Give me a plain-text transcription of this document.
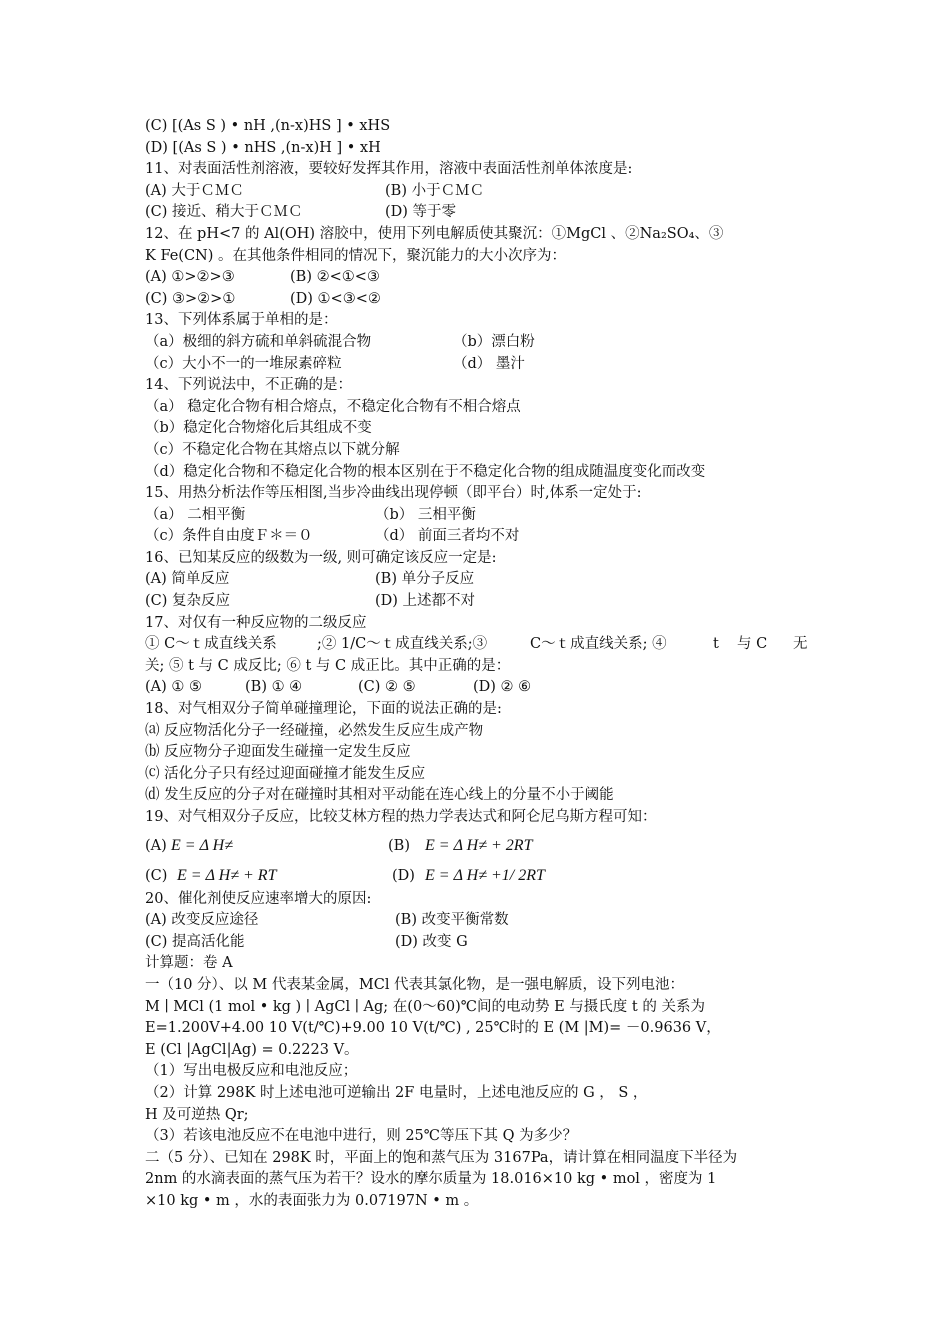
(C) [(As S ) • nH ,(n-x)HS ] • xHS
(D) [(As S ) • nHS ,(n-x)H ] • xH
11、对表面活性剂溶液，要较好发挥其作用，溶液中表面活性剂单体浓度是:
(A) 大于ＣＭＣ	(B) 小于ＣＭＣ
(C) 接近、稍大于ＣＭＣ	(D) 等于零
12、在 pH<7 的 Al(OH) 溶胶中，使用下列电解质使其聚沉：①MgCl 、②Na₂SO₄、③
K Fe(CN) 。在其他条件相同的情况下，聚沉能力的大小次序为：
(A) ①>②>③	(B) ②<①<③
(C) ③>②>①	(D) ①<③<②
13、下列体系属于单相的是：
（a）极细的斜方硫和单斜硫混合物	（b）漂白粉
（c）大小不一的一堆尿素碎粒	（d） 墨汁
14、下列说法中，不正确的是：
（a） 稳定化合物有相合熔点，不稳定化合物有不相合熔点
（b）稳定化合物熔化后其组成不变
（c）不稳定化合物在其熔点以下就分解
（d）稳定化合物和不稳定化合物的根本区别在于不稳定化合物的组成随温度变化而改变
15、用热分析法作等压相图,当步冷曲线出现停顿（即平台）时,体系一定处于:
（a） 二相平衡	（b） 三相平衡
（c）条件自由度Ｆ＊＝０	（d） 前面三者均不对
16、已知某反应的级数为一级, 则可确定该反应一定是:
(A) 简单反应	(B) 单分子反应
(C) 复杂反应	(D) 上述都不对
17、对仅有一种反应物的二级反应
① C～ｔ成直线关系	;② 1/C～ｔ成直线关系;③	C～ｔ成直线关系; ④	t 与 C 无
关; ⑤ t 与 C 成反比; ⑥ t 与 C 成正比。其中正确的是：
(A) ① ⑤	(B) ① ④	(C) ② ⑤	(D) ② ⑥
18、对气相双分子简单碰撞理论，下面的说法正确的是:
⒜ 反应物活化分子一经碰撞，必然发生反应生成产物
⒝ 反应物分子迎面发生碰撞一定发生反应
⒞ 活化分子只有经过迎面碰撞才能发生反应
⒟ 发生反应的分子对在碰撞时其相对平动能在连心线上的分量不小于阈能
19、对气相双分子反应，比较艾林方程的热力学表达式和阿仑尼乌斯方程可知：
(A) E = Δ H≠	(B) E = Δ H≠ + 2RT
(C) E = Δ H≠ + RT	(D) E = Δ H≠ +1/ 2RT
20、催化剂使反应速率增大的原因:
(A) 改变反应途径	(B) 改变平衡常数
(C) 提高活化能	(D) 改变 G
计算题：卷 A
一（10 分）、以 M 代表某金属，MCl 代表其氯化物，是一强电解质，设下列电池：
M ∣ MCl (1 mol • kg ) ∣ AgCl ∣ Ag; 在(0～60)℃间的电动势 E 与摄氏度 t 的 关系为
E=1.200V+4.00 10 V(t/℃)+9.00 10 V(t/℃) , 25℃时的 E (M |M)= －0.9636 V，
E (Cl |AgCl|Ag) = 0.2223 V。
（1）写出电极反应和电池反应；
（2）计算 298K 时上述电池可逆输出 2F 电量时，上述电池反应的 G ， S ，
H 及可逆热 Qr;
（3）若该电池反应不在电池中进行，则 25℃等压下其 Q 为多少？
二（5 分）、已知在 298K 时，平面上的饱和蒸气压为 3167Pa，请计算在相同温度下半径为
2nm 的水滴表面的蒸气压为若干？设水的摩尔质量为 18.016×10 kg • mol ，密度为 1
×10 kg • m ，水的表面张力为 0.07197N • m 。
